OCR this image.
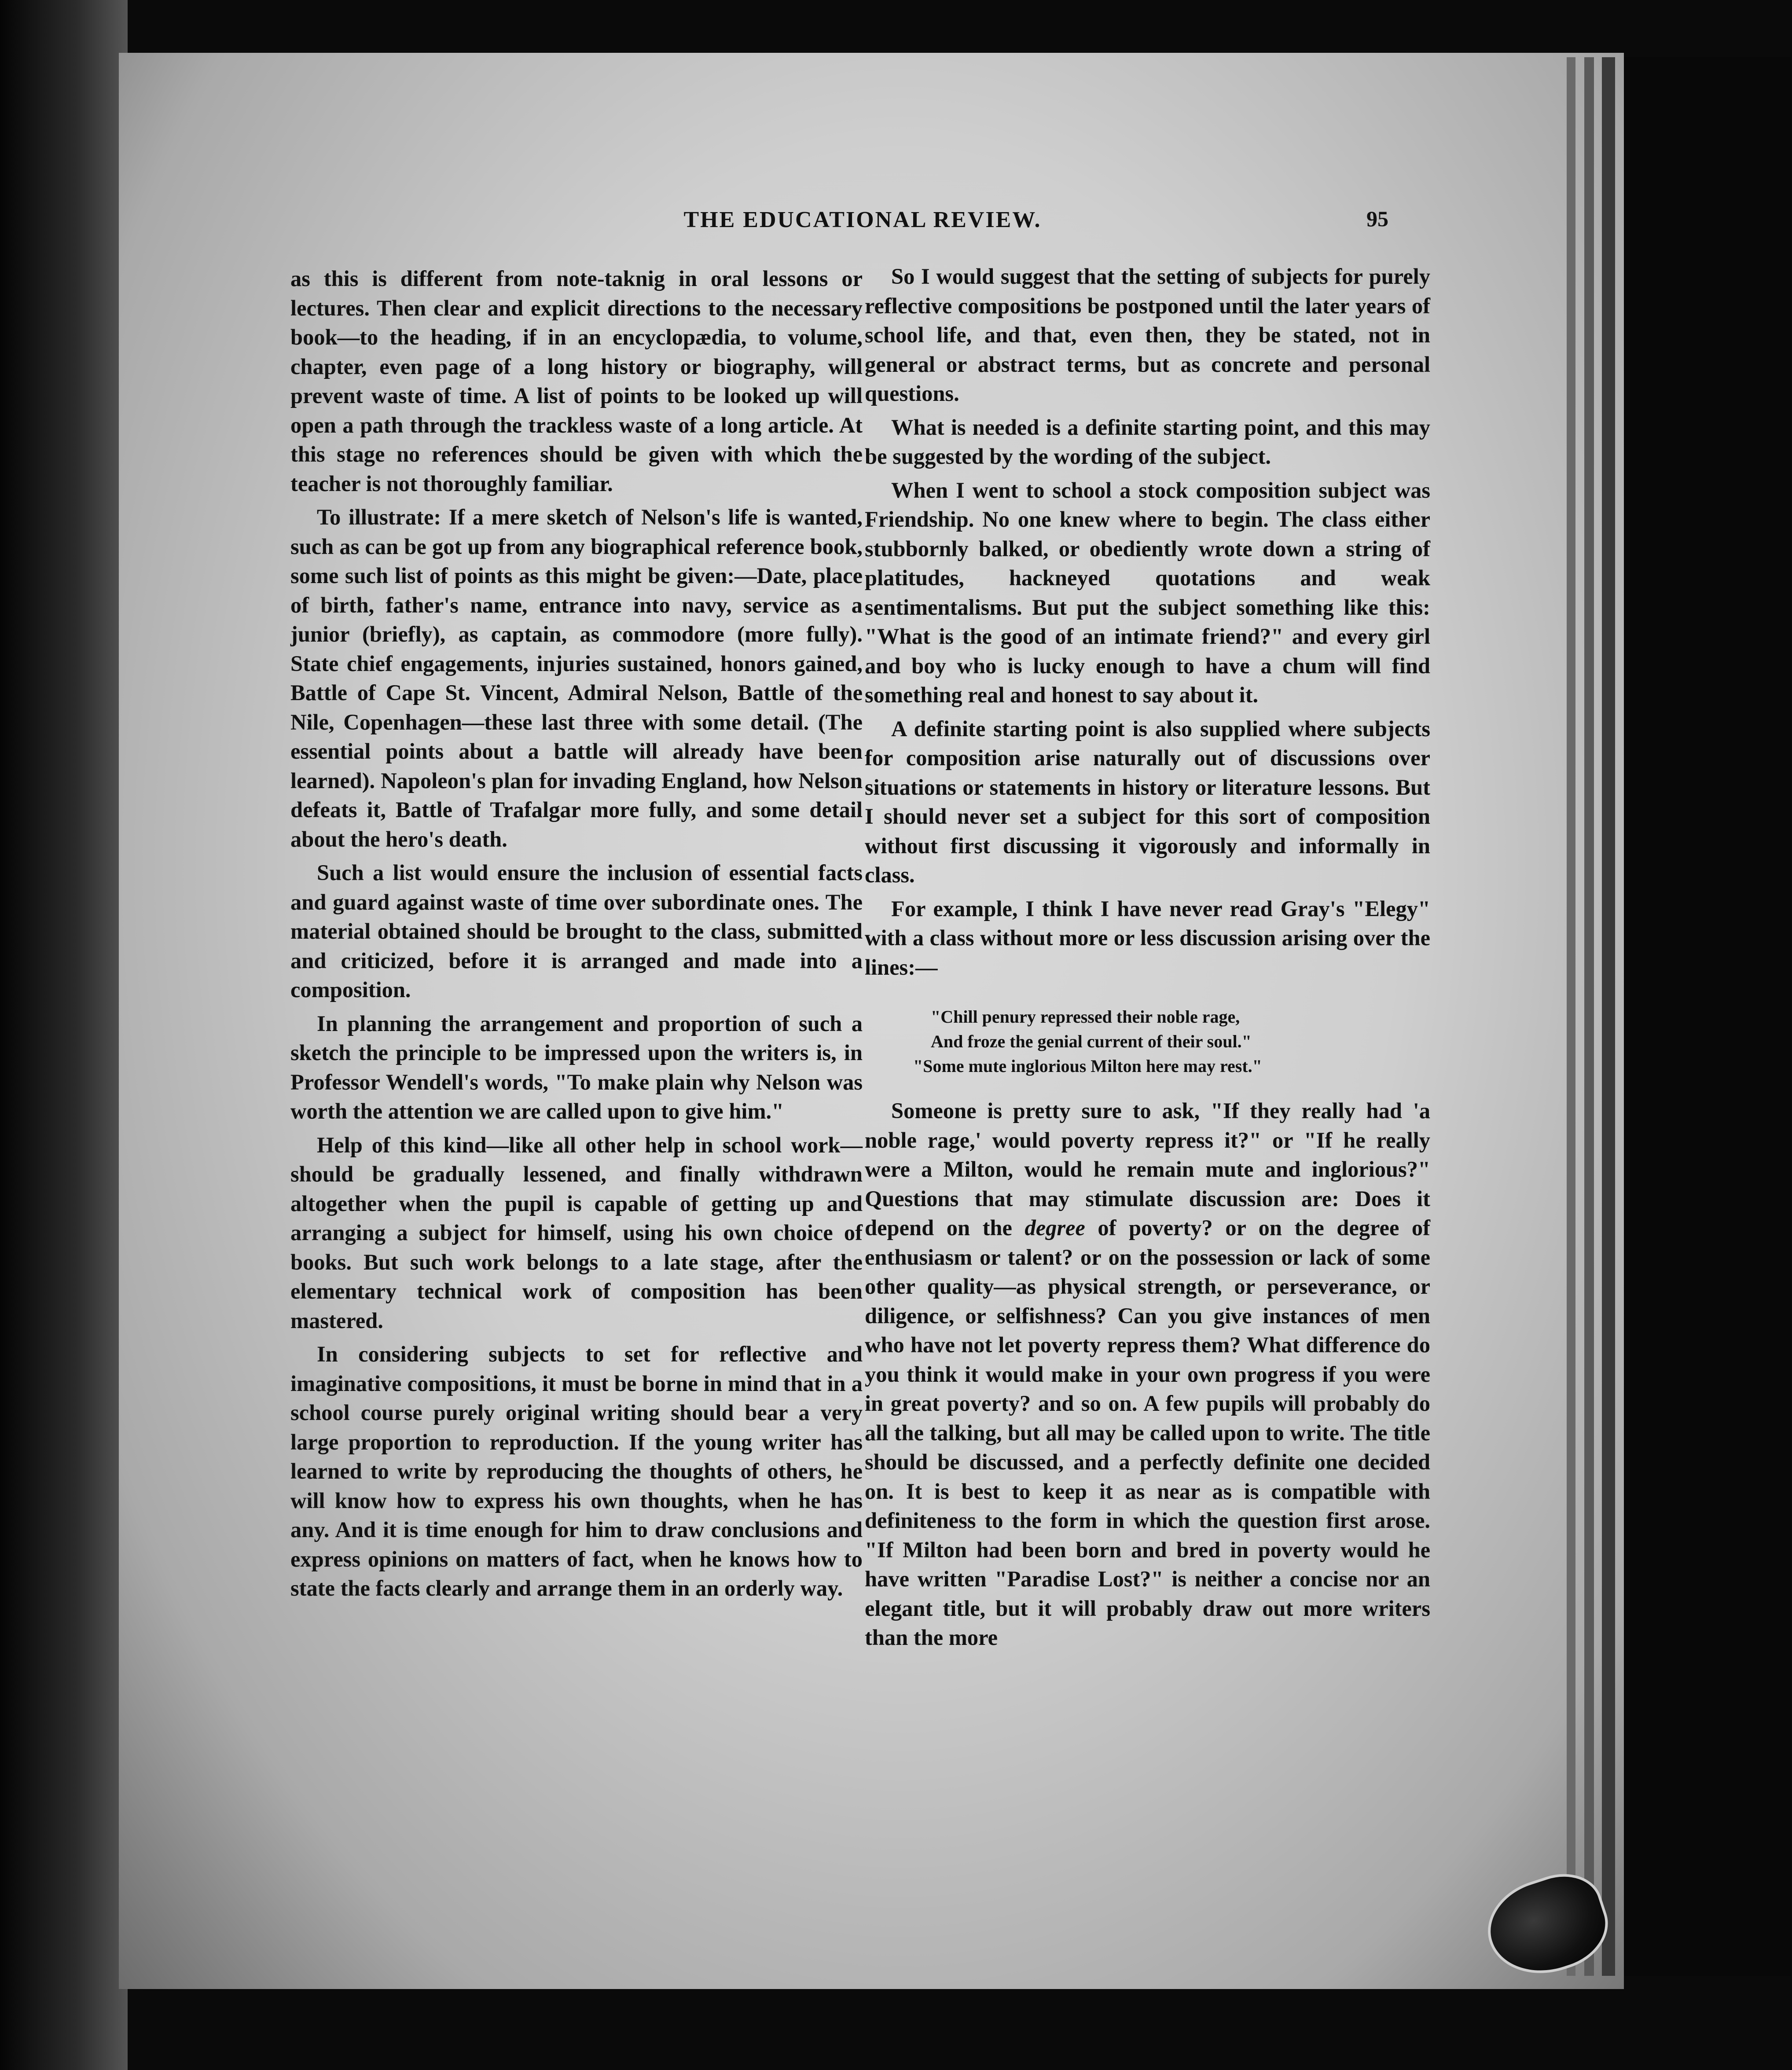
THE EDUCATIONAL REVIEW.	95

as this is different from note-taknig in oral lessons or lectures. Then clear and explicit directions to the necessary book—to the heading, if in an encyclopædia, to volume, chapter, even page of a long history or biography, will prevent waste of time. A list of points to be looked up will open a path through the trackless waste of a long article. At this stage no references should be given with which the teacher is not thoroughly familiar.

To illustrate: If a mere sketch of Nelson's life is wanted, such as can be got up from any biographical reference book, some such list of points as this might be given:—Date, place of birth, father's name, entrance into navy, service as a junior (briefly), as captain, as commodore (more fully). State chief engagements, injuries sustained, honors gained, Battle of Cape St. Vincent, Admiral Nelson, Battle of the Nile, Copenhagen—these last three with some detail. (The essential points about a battle will already have been learned). Napoleon's plan for invading England, how Nelson defeats it, Battle of Trafalgar more fully, and some detail about the hero's death.

Such a list would ensure the inclusion of essential facts and guard against waste of time over subordinate ones. The material obtained should be brought to the class, submitted and criticized, before it is arranged and made into a composition.

In planning the arrangement and proportion of such a sketch the principle to be impressed upon the writers is, in Professor Wendell's words, "To make plain why Nelson was worth the attention we are called upon to give him."

Help of this kind—like all other help in school work—should be gradually lessened, and finally withdrawn altogether when the pupil is capable of getting up and arranging a subject for himself, using his own choice of books. But such work belongs to a late stage, after the elementary technical work of composition has been mastered.

In considering subjects to set for reflective and imaginative compositions, it must be borne in mind that in a school course purely original writing should bear a very large proportion to reproduction. If the young writer has learned to write by reproducing the thoughts of others, he will know how to express his own thoughts, when he has any. And it is time enough for him to draw conclusions and express opinions on matters of fact, when he knows how to state the facts clearly and arrange them in an orderly way.

So I would suggest that the setting of subjects for purely reflective compositions be postponed until the later years of school life, and that, even then, they be stated, not in general or abstract terms, but as concrete and personal questions.

What is needed is a definite starting point, and this may be suggested by the wording of the subject.

When I went to school a stock composition subject was Friendship. No one knew where to begin. The class either stubbornly balked, or obediently wrote down a string of platitudes, hackneyed quotations and weak sentimentalisms. But put the subject something like this: "What is the good of an intimate friend?" and every girl and boy who is lucky enough to have a chum will find something real and honest to say about it.

A definite starting point is also supplied where subjects for composition arise naturally out of discussions over situations or statements in history or literature lessons. But I should never set a subject for this sort of composition without first discussing it vigorously and informally in class.

For example, I think I have never read Gray's "Elegy" with a class without more or less discussion arising over the lines:—

"Chill penury repressed their noble rage,
And froze the genial current of their soul."
"Some mute inglorious Milton here may rest."

Someone is pretty sure to ask, "If they really had 'a noble rage,' would poverty repress it?" or "If he really were a Milton, would he remain mute and inglorious?" Questions that may stimulate discussion are: Does it depend on the degree of poverty? or on the degree of enthusiasm or talent? or on the possession or lack of some other quality—as physical strength, or perseverance, or diligence, or selfishness? Can you give instances of men who have not let poverty repress them? What difference do you think it would make in your own progress if you were in great poverty? and so on. A few pupils will probably do all the talking, but all may be called upon to write. The title should be discussed, and a perfectly definite one decided on. It is best to keep it as near as is compatible with definiteness to the form in which the question first arose. "If Milton had been born and bred in poverty would he have written "Paradise Lost?" is neither a concise nor an elegant title, but it will probably draw out more writers than the more
